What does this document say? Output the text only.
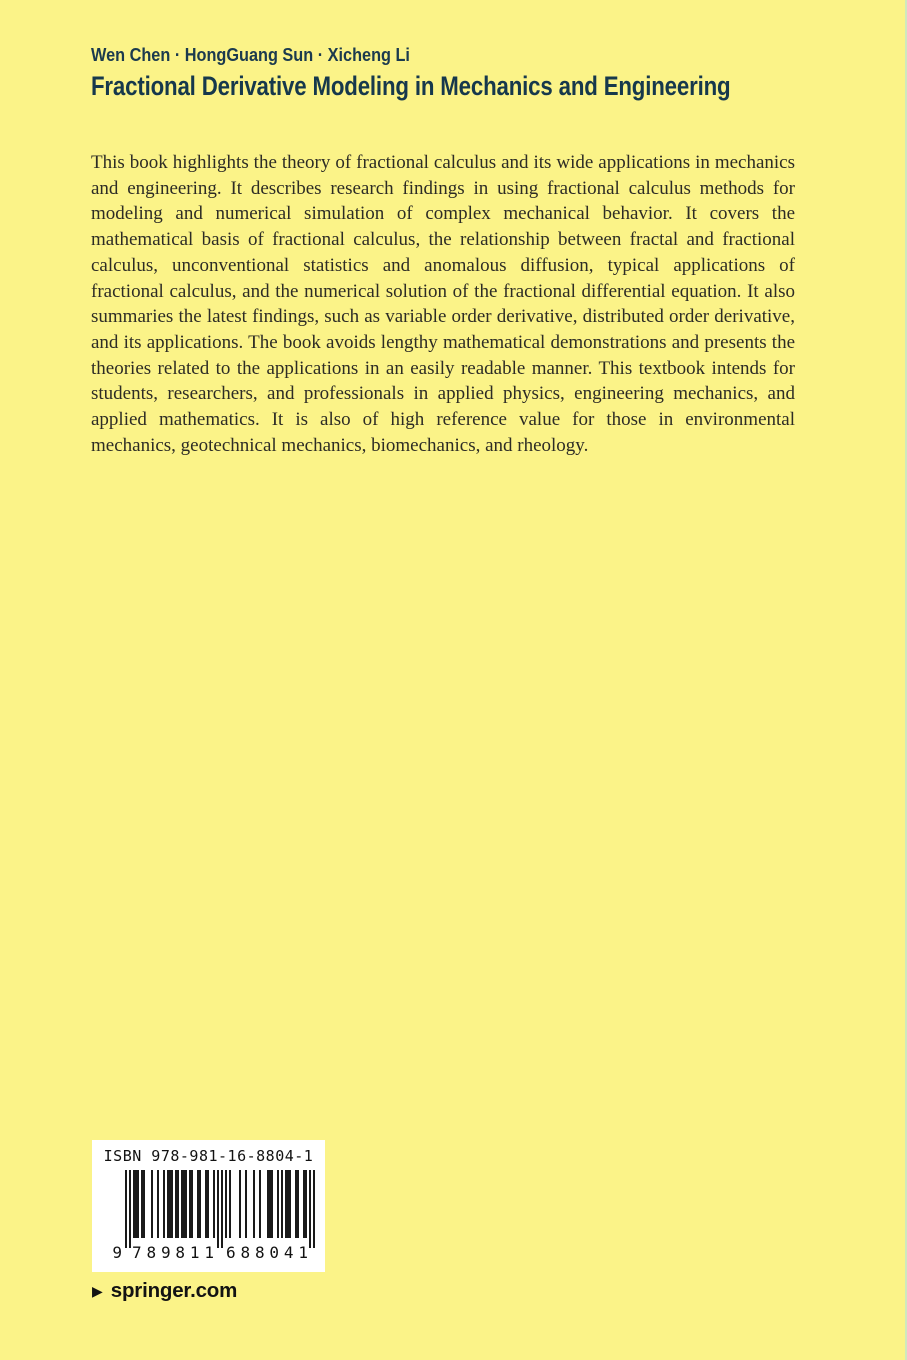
Wen Chen · HongGuang Sun · Xicheng Li
Fractional Derivative Modeling in Mechanics and Engineering
This book highlights the theory of fractional calculus and its wide applications in mechanics and engineering. It describes research findings in using fractional calculus methods for modeling and numerical simulation of complex mechanical behavior. It covers the mathematical basis of fractional calculus, the relationship between fractal and fractional calculus, unconventional statistics and anomalous diffusion, typical applications of fractional calculus, and the numerical solution of the fractional differential equation. It also summaries the latest findings, such as variable order derivative, distributed order derivative, and its applications. The book avoids lengthy mathematical demonstrations and presents the theories related to the applications in an easily readable manner. This textbook intends for students, researchers, and professionals in applied physics, engineering mechanics, and applied mathematics. It is also of high reference value for those in environmental mechanics, geotechnical mechanics, biomechanics, and rheology.
ISBN 978-981-16-8804-1
9 789811 688041
▶ springer.com
